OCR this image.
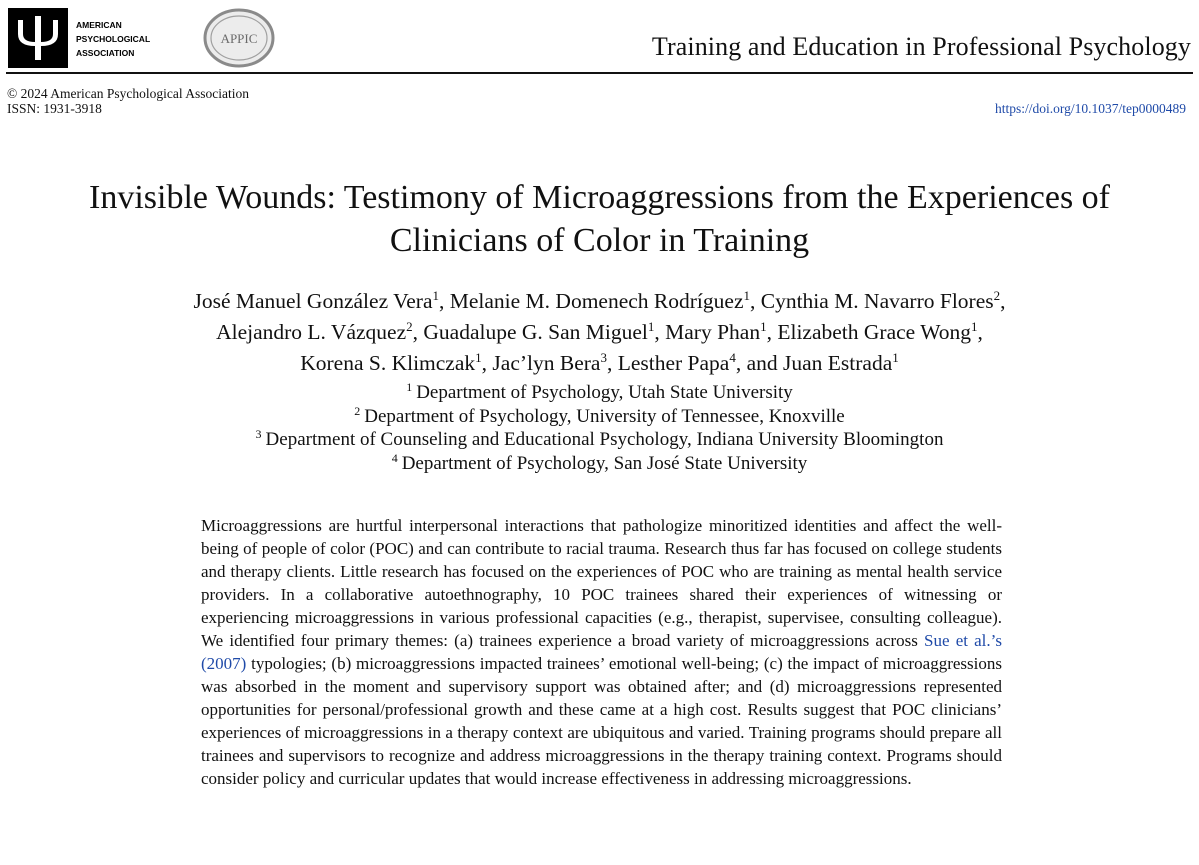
AMERICAN
PSYCHOLOGICAL
ASSOCIATION
APPIC	Training and Education in Professional Psychology
© 2024 American Psychological Association
ISSN: 1931-3918	https://doi.org/10.1037/tep0000489
Invisible Wounds: Testimony of Microaggressions from the Experiences of
Clinicians of Color in Training
José Manuel González Vera$^1$, Melanie M. Domenech Rodríguez$^1$, Cynthia M. Navarro Flores$^2$,
Alejandro L. Vázquez$^2$, Guadalupe G. San Miguel$^1$, Mary Phan$^1$, Elizabeth Grace Wong$^1$,
Korena S. Klimczak$^1$, Jac’lyn Bera$^3$, Lesther Papa$^4$, and Juan Estrada$^1$
$^1$ Department of Psychology, Utah State University
$^2$ Department of Psychology, University of Tennessee, Knoxville
$^3$ Department of Counseling and Educational Psychology, Indiana University Bloomington
$^4$ Department of Psychology, San José State University

Microaggressions are hurtful interpersonal interactions that pathologize minoritized identities and affect the well-being of people of color (POC) and can contribute to racial trauma. Research thus far has focused on college students and therapy clients. Little research has focused on the experiences of POC who are training as mental health service providers. In a collaborative autoethnography, 10 POC trainees shared their experiences of witnessing or experiencing microaggressions in various professional capacities (e.g., therapist, supervisee, consulting colleague). We identified four primary themes: (a) trainees experience a broad variety of microaggressions across Sue et al.’s (2007) typologies; (b) microaggressions impacted trainees’ emotional well-being; (c) the impact of microaggressions was absorbed in the moment and supervisory support was obtained after; and (d) microaggressions represented opportunities for personal/professional growth and these came at a high cost. Results suggest that POC clinicians’ experiences of microaggressions in a therapy context are ubiquitous and varied. Training programs should prepare all trainees and supervisors to recognize and address microaggressions in the therapy training context. Programs should consider policy and curricular updates that would increase effectiveness in addressing microaggressions.
